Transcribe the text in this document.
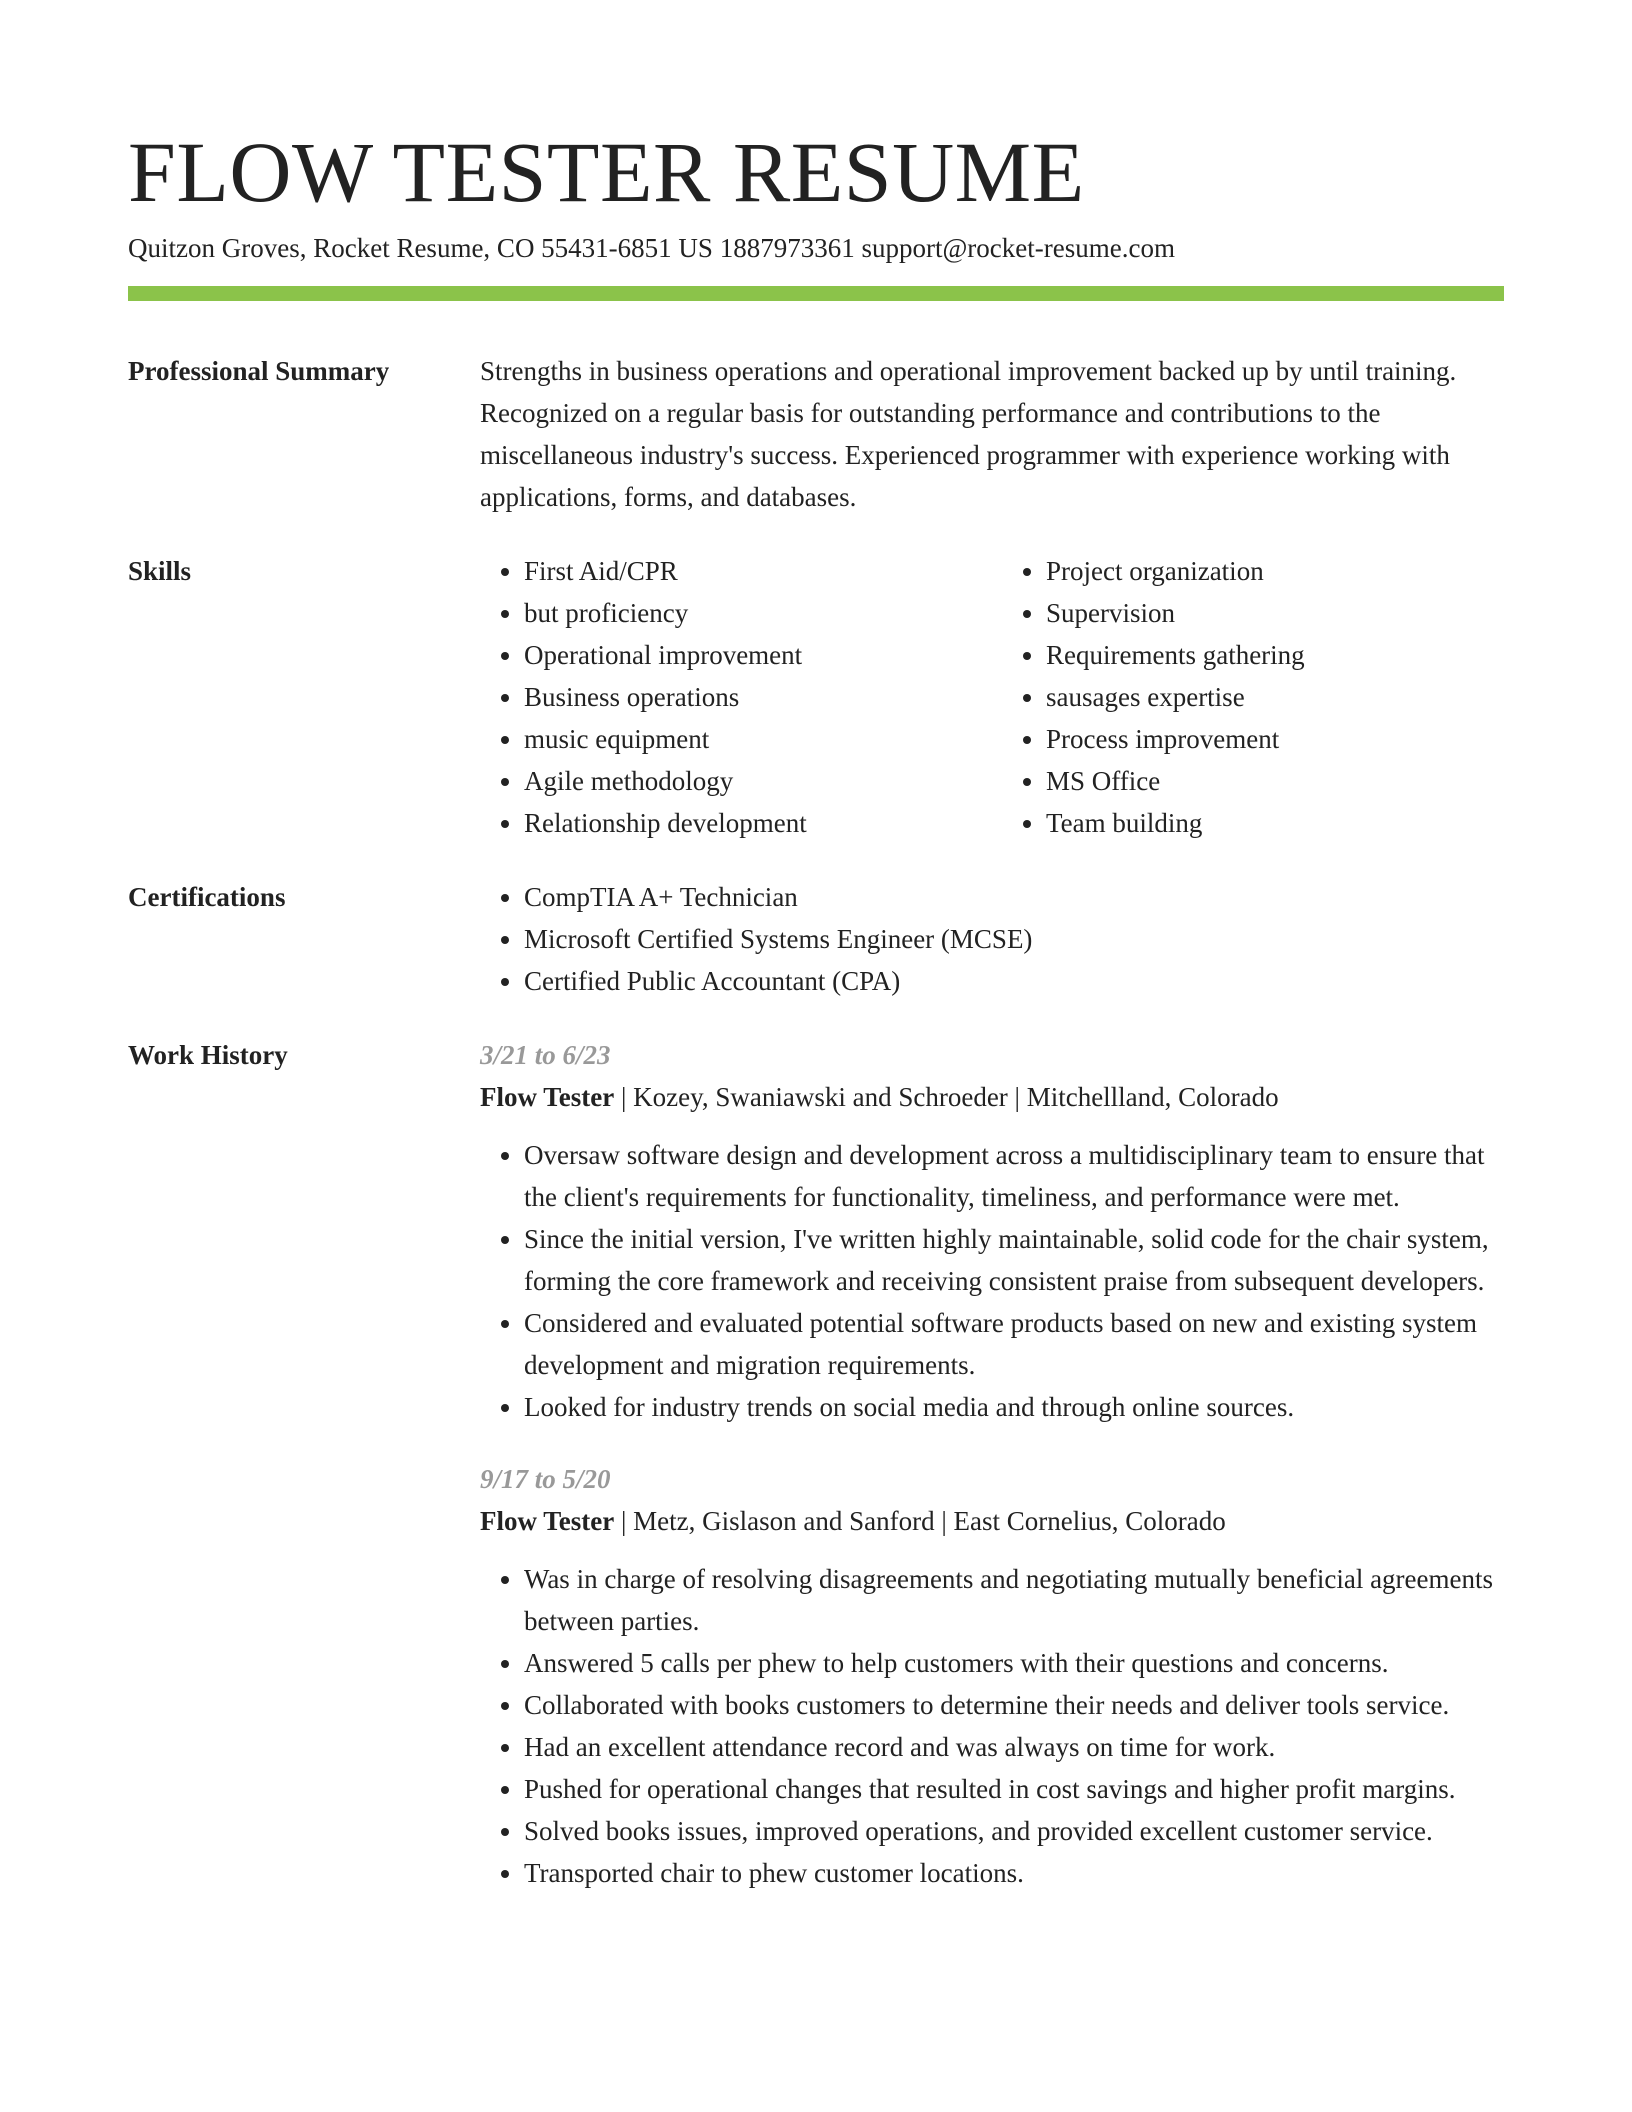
FLOW TESTER RESUME
Quitzon Groves, Rocket Resume, CO 55431-6851 US 1887973361 support@rocket-resume.com
Professional Summary	Strengths in business operations and operational improvement backed up by until training. Recognized on a regular basis for outstanding performance and contributions to the miscellaneous industry's success. Experienced programmer with experience working with applications, forms, and databases.

Skills	• First Aid/CPR
• but proficiency
• Operational improvement
• Business operations
• music equipment
• Agile methodology
• Relationship development
• Project organization
• Supervision
• Requirements gathering
• sausages expertise
• Process improvement
• MS Office
• Team building
Certifications	• CompTIA A+ Technician
• Microsoft Certified Systems Engineer (MCSE)
• Certified Public Accountant (CPA)
Work History	3/21 to 6/23
Flow Tester | Kozey, Swaniawski and Schroeder | Mitchellland, Colorado
• Oversaw software design and development across a multidisciplinary team to ensure that the client's requirements for functionality, timeliness, and performance were met.
• Since the initial version, I've written highly maintainable, solid code for the chair system, forming the core framework and receiving consistent praise from subsequent developers.
• Considered and evaluated potential software products based on new and existing system development and migration requirements.
• Looked for industry trends on social media and through online sources.
9/17 to 5/20
Flow Tester | Metz, Gislason and Sanford | East Cornelius, Colorado
• Was in charge of resolving disagreements and negotiating mutually beneficial agreements between parties.
• Answered 5 calls per phew to help customers with their questions and concerns.
• Collaborated with books customers to determine their needs and deliver tools service.
• Had an excellent attendance record and was always on time for work.
• Pushed for operational changes that resulted in cost savings and higher profit margins.
• Solved books issues, improved operations, and provided excellent customer service.
• Transported chair to phew customer locations.
